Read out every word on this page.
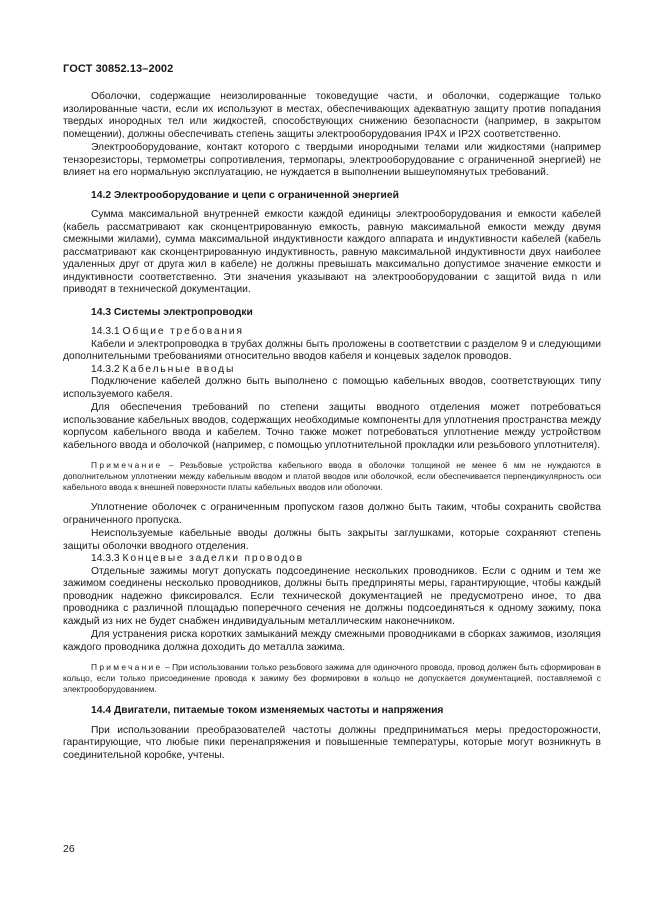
ГОСТ 30852.13–2002

Оболочки, содержащие неизолированные токоведущие части, и оболочки, содержащие только изолированные части, если их используют в местах, обеспечивающих адекватную защиту против попадания твердых инородных тел или жидкостей, способствующих снижению безопасности (например, в закрытом помещении), должны обеспечивать степень защиты электрооборудования IP4X и IP2X соответственно.

Электрооборудование, контакт которого с твердыми инородными телами или жидкостями (например тензорезисторы, термометры сопротивления, термопары, электрооборудование с ограниченной энергией) не влияет на его нормальную эксплуатацию, не нуждается в выполнении вышеупомянутых требований.

14.2 Электрооборудование и цепи с ограниченной энергией

Сумма максимальной внутренней емкости каждой единицы электрооборудования и емкости кабелей (кабель рассматривают как сконцентрированную емкость, равную максимальной емкости между двумя смежными жилами), сумма максимальной индуктивности каждого аппарата и индуктивности кабелей (кабель рассматривают как сконцентрированную индуктивность, равную максимальной индуктивности двух наиболее удаленных друг от друга жил в кабеле) не должны превышать максимально допустимое значение емкости и индуктивности соответственно. Эти значения указывают на электрооборудовании с защитой вида n или приводят в технической документации.

14.3 Системы электропроводки

14.3.1 Общие требования

Кабели и электропроводка в трубах должны быть проложены в соответствии с разделом 9 и следующими дополнительными требованиями относительно вводов кабеля и концевых заделок проводов.

14.3.2 Кабельные вводы

Подключение кабелей должно быть выполнено с помощью кабельных вводов, соответствующих типу используемого кабеля.

Для обеспечения требований по степени защиты вводного отделения может потребоваться использование кабельных вводов, содержащих необходимые компоненты для уплотнения пространства между корпусом кабельного ввода и кабелем. Точно также может потребоваться уплотнение между устройством кабельного ввода и оболочкой (например, с помощью уплотнительной прокладки или резьбового уплотнителя).

Примечание – Резьбовые устройства кабельного ввода в оболочки толщиной не менее 6 мм не нуждаются в дополнительном уплотнении между кабельным вводом и платой вводов или оболочкой, если обеспечивается перпендикулярность оси кабельного ввода к внешней поверхности платы кабельных вводов или оболочки.

Уплотнение оболочек с ограниченным пропуском газов должно быть таким, чтобы сохранить свойства ограниченного пропуска.

Неиспользуемые кабельные вводы должны быть закрыты заглушками, которые сохраняют степень защиты оболочки вводного отделения.

14.3.3 Концевые заделки проводов

Отдельные зажимы могут допускать подсоединение нескольких проводников. Если с одним и тем же зажимом соединены несколько проводников, должны быть предприняты меры, гарантирующие, чтобы каждый проводник надежно фиксировался. Если технической документацией не предусмотрено иное, то два проводника с различной площадью поперечного сечения не должны подсоединяться к одному зажиму, пока каждый из них не будет снабжен индивидуальным металлическим наконечником.

Для устранения риска коротких замыканий между смежными проводниками в сборках зажимов, изоляция каждого проводника должна доходить до металла зажима.

Примечание – При использовании только резьбового зажима для одиночного провода, провод должен быть сформирован в кольцо, если только присоединение провода к зажиму без формировки в кольцо не допускается документацией, поставляемой с электрооборудованием.

14.4 Двигатели, питаемые током изменяемых частоты и напряжения

При использовании преобразователей частоты должны предприниматься меры предосторожности, гарантирующие, что любые пики перенапряжения и повышенные температуры, которые могут возникнуть в соединительной коробке, учтены.

26
